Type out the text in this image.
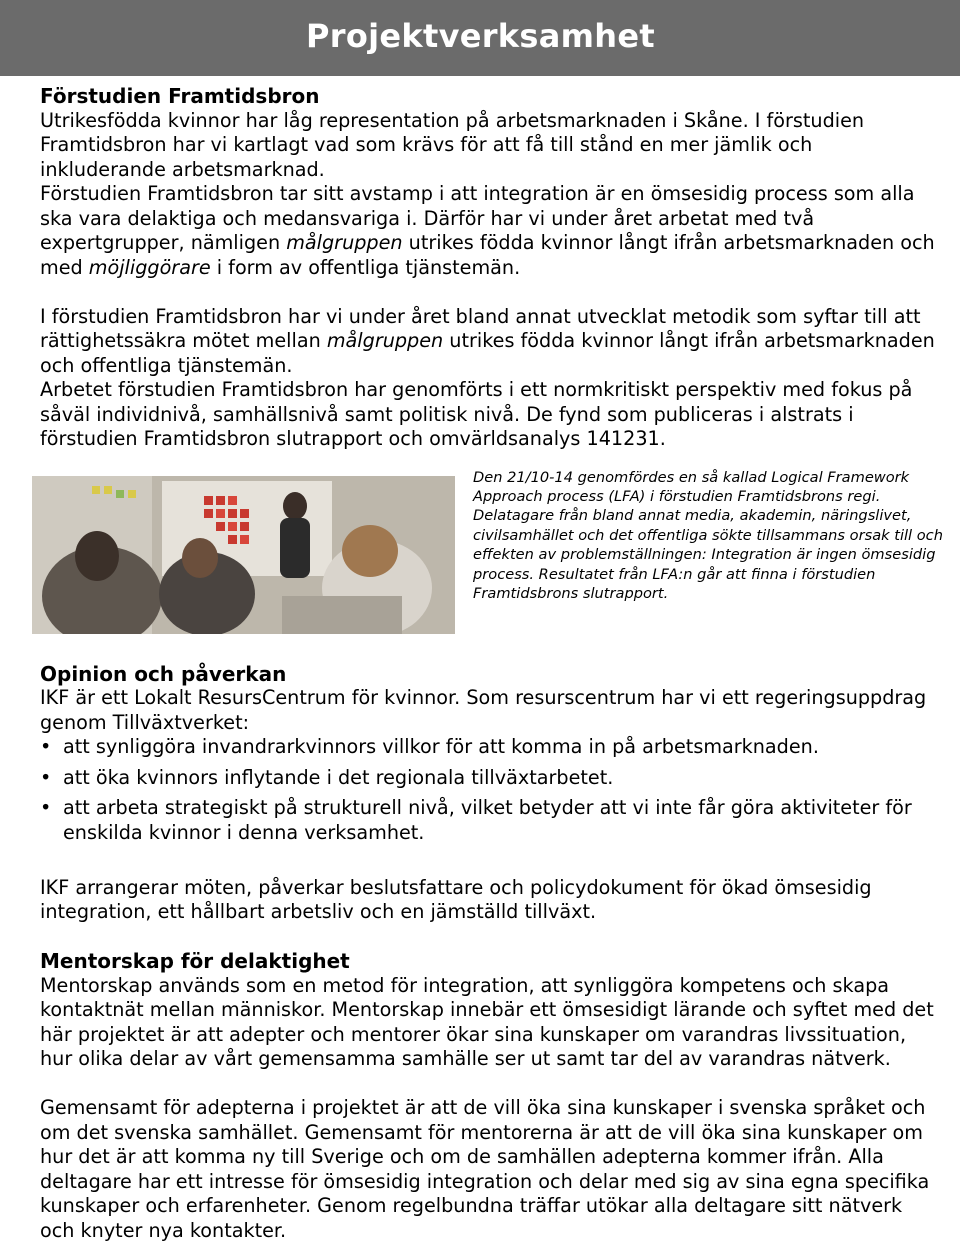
Projektverksamhet
Förstudien Framtidsbron

Utrikesfödda kvinnor har låg representation på arbetsmarknaden i Skåne. I förstudien Framtidsbron har vi kartlagt vad som krävs för att få till stånd en mer jämlik och inkluderande arbetsmarknad.

Förstudien Framtidsbron tar sitt avstamp i att integration är en ömsesidig process som alla ska vara delaktiga och medansvariga i. Därför har vi under året arbetat med två expertgrupper, nämligen målgruppen utrikes födda kvinnor långt ifrån arbetsmarknaden och med möjliggörare i form av offentliga tjänstemän.

I förstudien Framtidsbron har vi under året bland annat utvecklat metodik som syftar till att rättighetssäkra mötet mellan målgruppen utrikes födda kvinnor långt ifrån arbetsmarknaden och offentliga tjänstemän.

Arbetet förstudien Framtidsbron har genomförts i ett normkritiskt perspektiv med fokus på såväl individnivå, samhällsnivå samt politisk nivå. De fynd som publiceras i alstrats i förstudien Framtidsbron slutrapport och omvärldsanalys 141231.

Den 21/10-14 genomfördes en så kallad Logical Framework Approach process (LFA) i förstudien Framtidsbrons regi. Delatagare från bland annat media, akademin, näringslivet, civilsamhället och det offentliga sökte tillsammans orsak till och effekten av problemställningen: Integration är ingen ömsesidig process. Resultatet från LFA:n går att finna i förstudien Framtidsbrons slutrapport.

Opinion och påverkan

IKF är ett Lokalt ResursCentrum för kvinnor. Som resurscentrum har vi ett regeringsuppdrag genom Tillväxtverket:

• att synliggöra invandrarkvinnors villkor för att komma in på arbetsmarknaden.
• att öka kvinnors inflytande i det regionala tillväxtarbetet.
• att arbeta strategiskt på strukturell nivå, vilket betyder att vi inte får göra aktiviteter för enskilda kvinnor i denna verksamhet.

IKF arrangerar möten, påverkar beslutsfattare och policydokument för ökad ömsesidig integration, ett hållbart arbetsliv och en jämställd tillväxt.

Mentorskap för delaktighet

Mentorskap används som en metod för integration, att synliggöra kompetens och skapa kontaktnät mellan människor. Mentorskap innebär ett ömsesidigt lärande och syftet med det här projektet är att adepter och mentorer ökar sina kunskaper om varandras livssituation, hur olika delar av vårt gemensamma samhälle ser ut samt tar del av varandras nätverk.

Gemensamt för adepterna i projektet är att de vill öka sina kunskaper i svenska språket och om det svenska samhället. Gemensamt för mentorerna är att de vill öka sina kunskaper om hur det är att komma ny till Sverige och om de samhällen adepterna kommer ifrån. Alla deltagare har ett intresse för ömsesidig integration och delar med sig av sina egna specifika kunskaper och erfarenheter. Genom regelbundna träffar utökar alla deltagare sitt nätverk och knyter nya kontakter.
